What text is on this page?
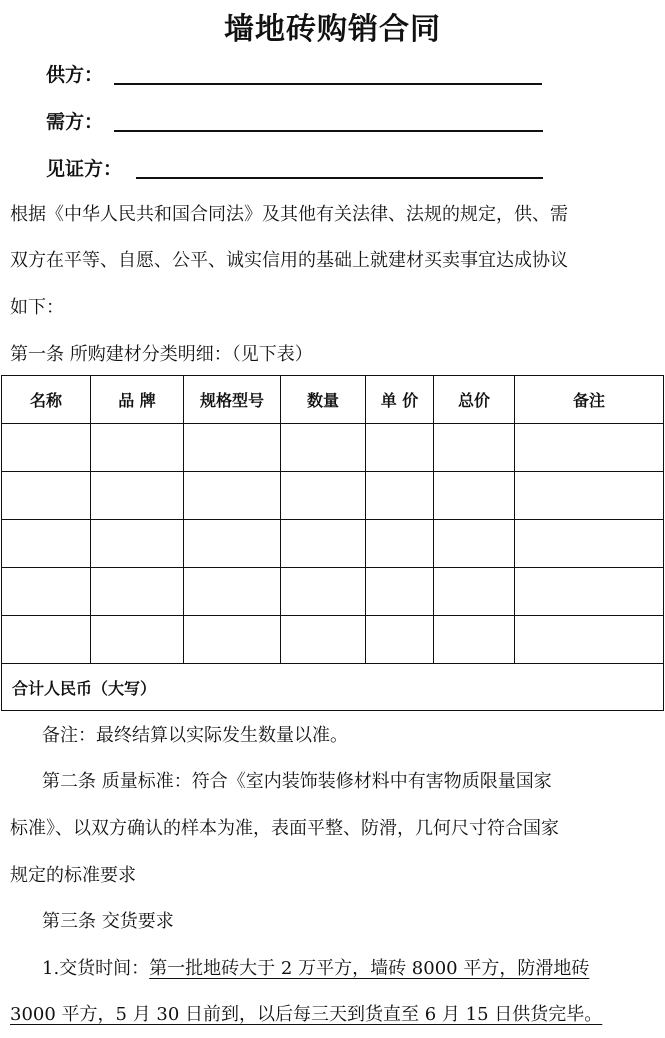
墙地砖购销合同
供方：
需方：
见证方：
根据《中华人民共和国合同法》及其他有关法律、法规的规定，供、需
双方在平等、自愿、公平、诚实信用的基础上就建材买卖事宜达成协议
如下：
第一条 所购建材分类明细：（见下表）
名称	品 牌	规格型号	数量	单 价	总价	备注

合计人民币（大写）						
备注：最终结算以实际发生数量以准。
第二条 质量标准：符合《室内装饰装修材料中有害物质限量国家
标准》、以双方确认的样本为准，表面平整、防滑，几何尺寸符合国家
规定的标准要求
第三条 交货要求
1.交货时间：第一批地砖大于 2 万平方，墙砖 8000 平方，防滑地砖
3000 平方，5 月 30 日前到，以后每三天到货直至 6 月 15 日供货完毕。
